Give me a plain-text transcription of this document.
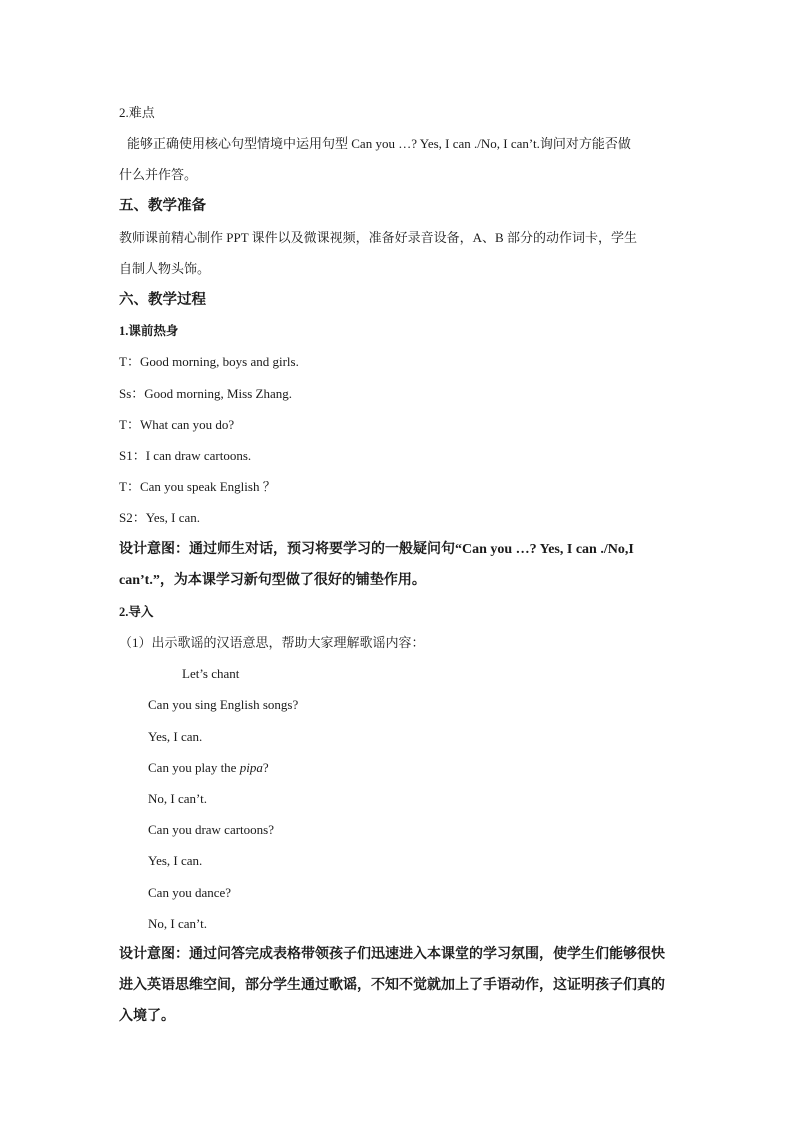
2.难点
能够正确使用核心句型情境中运用句型 Can you …? Yes, I can ./No, I can’t.询问对方能否做
什么并作答。
五、教学准备
教师课前精心制作 PPT 课件以及微课视频，准备好录音设备，A、B 部分的动作词卡，学生
自制人物头饰。
六、教学过程
1.课前热身
T：Good morning, boys and girls.
Ss：Good morning, Miss Zhang.
T：What can you do?
S1：I can draw cartoons.
T：Can you speak English ？
S2：Yes, I can.
设计意图：通过师生对话，预习将要学习的一般疑问句“Can you …? Yes, I can ./No,I
can’t.”，为本课学习新句型做了很好的铺垫作用。
2.导入
（1）出示歌谣的汉语意思，帮助大家理解歌谣内容：
Let’s chant
Can you sing English songs?
Yes, I can.
Can you play the pipa?
No, I can’t.
Can you draw cartoons?
Yes, I can.
Can you dance?
No, I can’t.
设计意图：通过问答完成表格带领孩子们迅速进入本课堂的学习氛围，使学生们能够很快
进入英语思维空间，部分学生通过歌谣，不知不觉就加上了手语动作，这证明孩子们真的
入境了。
